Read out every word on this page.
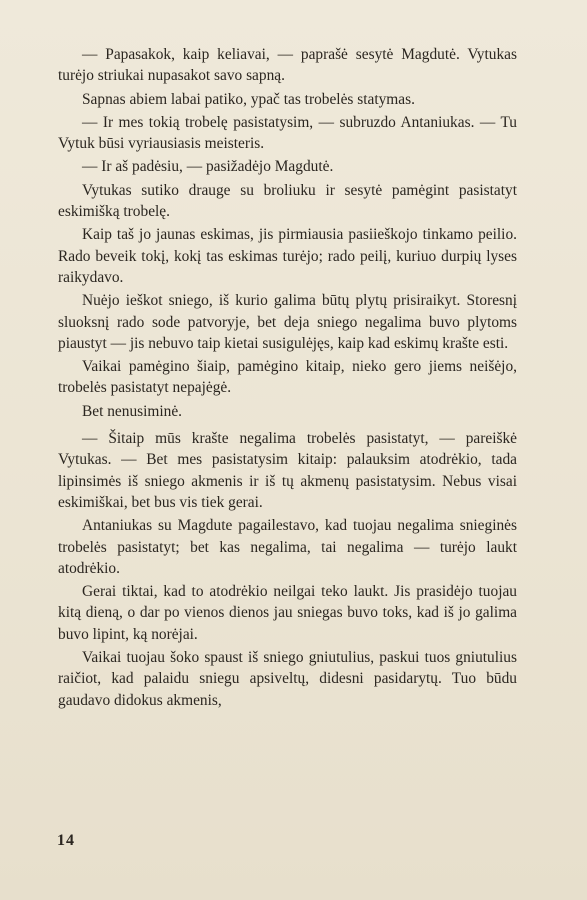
— Papasakok, kaip keliavai, — paprašė sesytė Magdutė. Vytukas turėjo striukai nupasakot savo sapną.

Sapnas abiem labai patiko, ypač tas trobelės statymas.

— Ir mes tokią trobelę pasistatysim, — subruzdo Antaniukas. — Tu Vytuk būsi vyriausiasis meisteris.

— Ir aš padėsiu, — pasižadėjo Magdutė.

Vytukas sutiko drauge su broliuku ir sesytė pamėgint pasistatyt eskimišką trobelę.

Kaip taš jo jaunas eskimas, jis pirmiausia pasiieškojo tinkamo peilio. Rado beveik tokį, kokį tas eskimas turėjo; rado peilį, kuriuo durpių lyses raikydavo.

Nuėjo ieškot sniego, iš kurio galima būtų plytų prisiraikyt. Storesnį sluoksnį rado sode patvoryje, bet deja sniego negalima buvo plytoms piaustyt — jis nebuvo taip kietai susigulėjęs, kaip kad eskimų krašte esti.

Vaikai pamėgino šiaip, pamėgino kitaip, nieko gero jiems neišėjo, trobelės pasistatyt nepajėgė.

Bet nenusiminė.

— Šitaip mūs krašte negalima trobelės pasistatyt, — pareiškė Vytukas. — Bet mes pasistatysim kitaip: palauksim atodrėkio, tada lipinsimės iš sniego akmenis ir iš tų akmenų pasistatysim. Nebus visai eskimiškai, bet bus vis tiek gerai.

Antaniukas su Magdute pagailestavo, kad tuojau negalima snieginės trobelės pasistatyt; bet kas negalima, tai negalima — turėjo laukt atodrėkio.

Gerai tiktai, kad to atodrėkio neilgai teko laukt. Jis prasidėjo tuojau kitą dieną, o dar po vienos dienos jau sniegas buvo toks, kad iš jo galima buvo lipint, ką norėjai.

Vaikai tuojau šoko spaust iš sniego gniutulius, paskui tuos gniutulius raičiot, kad palaidu sniegu apsiveltų, didesni pasidarytų. Tuo būdu gaudavo didokus akmenis,

14
